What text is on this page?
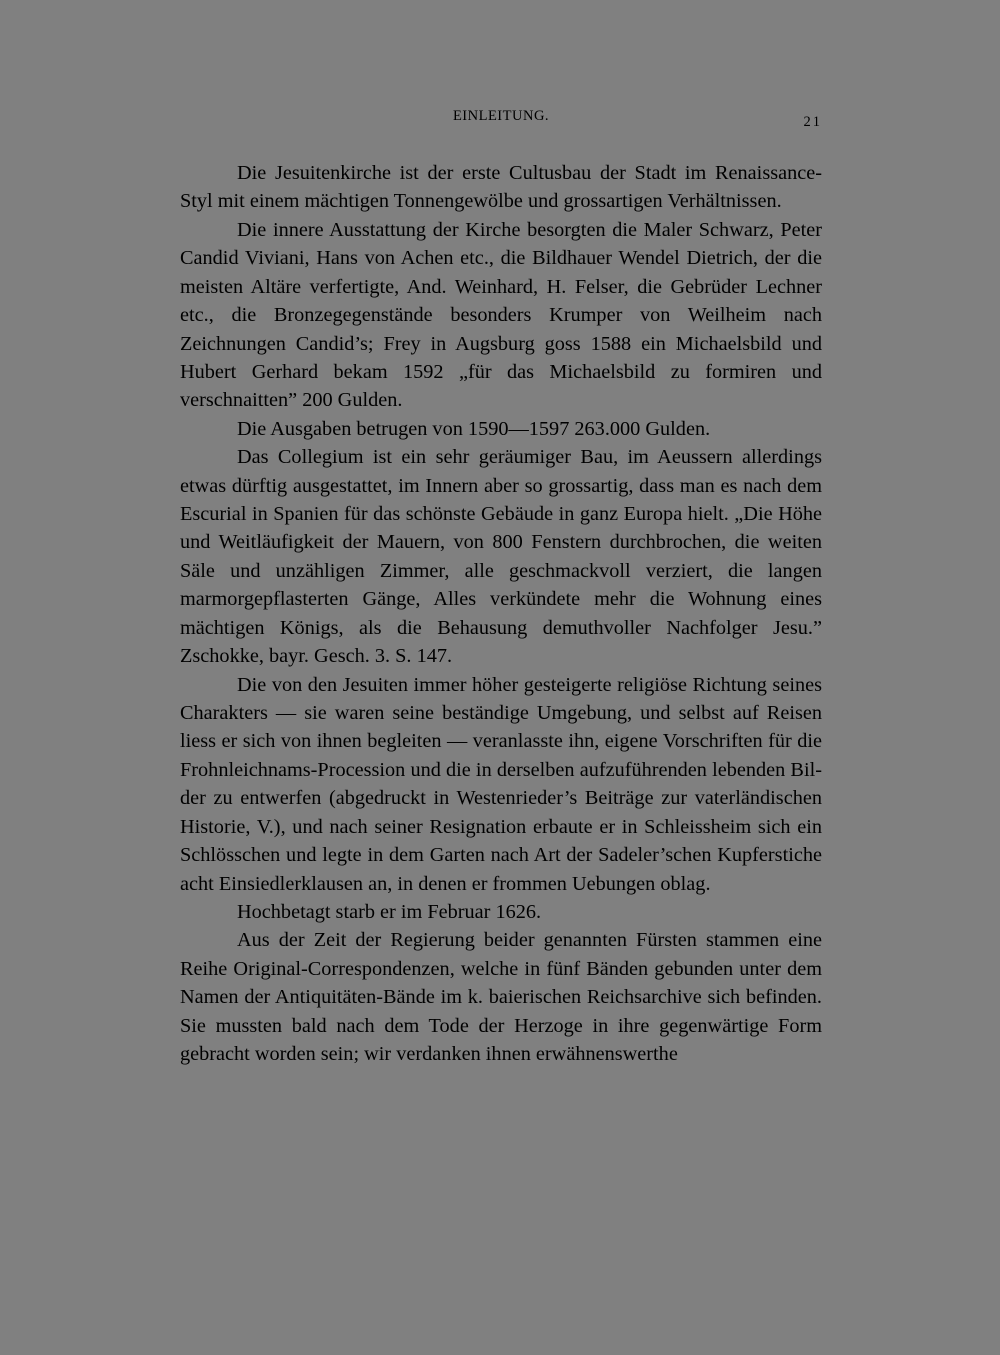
EINLEITUNG.	21

Die Jesuitenkirche ist der erste Cultusbau der Stadt im Renaissance-Styl mit einem mächtigen Tonnengewölbe und grossartigen Verhältnissen.

Die innere Ausstattung der Kirche besorgten die Maler Schwarz, Peter Candid Viviani, Hans von Achen etc., die Bildhauer Wendel Dietrich, der die meisten Altäre verfertigte, And. Weinhard, H. Felser, die Gebrüder Lechner etc., die Bronzegegenstände besonders Krumper von Weilheim nach Zeichnungen Candid’s; Frey in Augsburg goss 1588 ein Michaelsbild und Hubert Gerhard bekam 1592 „für das Michaelsbild zu formiren und verschnaitten” 200 Gulden.

Die Ausgaben betrugen von 1590—1597 263.000 Gulden.

Das Collegium ist ein sehr geräumiger Bau, im Aeussern allerdings etwas dürftig ausgestattet, im Innern aber so grossartig, dass man es nach dem Escurial in Spanien für das schönste Gebäude in ganz Europa hielt. „Die Höhe und Weitläufigkeit der Mauern, von 800 Fenstern durchbrochen, die weiten Säle und unzähligen Zimmer, alle geschmackvoll verziert, die langen marmorgepflasterten Gänge, Alles verkündete mehr die Wohnung eines mächtigen Königs, als die Behausung demuthvoller Nachfolger Jesu.” Zschokke, bayr. Gesch. 3. S. 147.

Die von den Jesuiten immer höher gesteigerte religiöse Richtung seines Charakters — sie waren seine beständige Umgebung, und selbst auf Reisen liess er sich von ihnen begleiten — veranlasste ihn, eigene Vorschriften für die Frohnleichnams-Procession und die in derselben aufzuführenden lebenden Bilder zu entwerfen (abgedruckt in Westenrieder’s Beiträge zur vaterländischen Historie, V.), und nach seiner Resignation erbaute er in Schleissheim sich ein Schlösschen und legte in dem Garten nach Art der Sadeler’schen Kupferstiche acht Einsiedlerklausen an, in denen er frommen Uebungen oblag.

Hochbetagt starb er im Februar 1626.

Aus der Zeit der Regierung beider genannten Fürsten stammen eine Reihe Original-Correspondenzen, welche in fünf Bänden gebunden unter dem Namen der Antiquitäten-Bände im k. baierischen Reichsarchive sich befinden. Sie mussten bald nach dem Tode der Herzoge in ihre gegenwärtige Form gebracht worden sein; wir verdanken ihnen erwähnenswerthe
